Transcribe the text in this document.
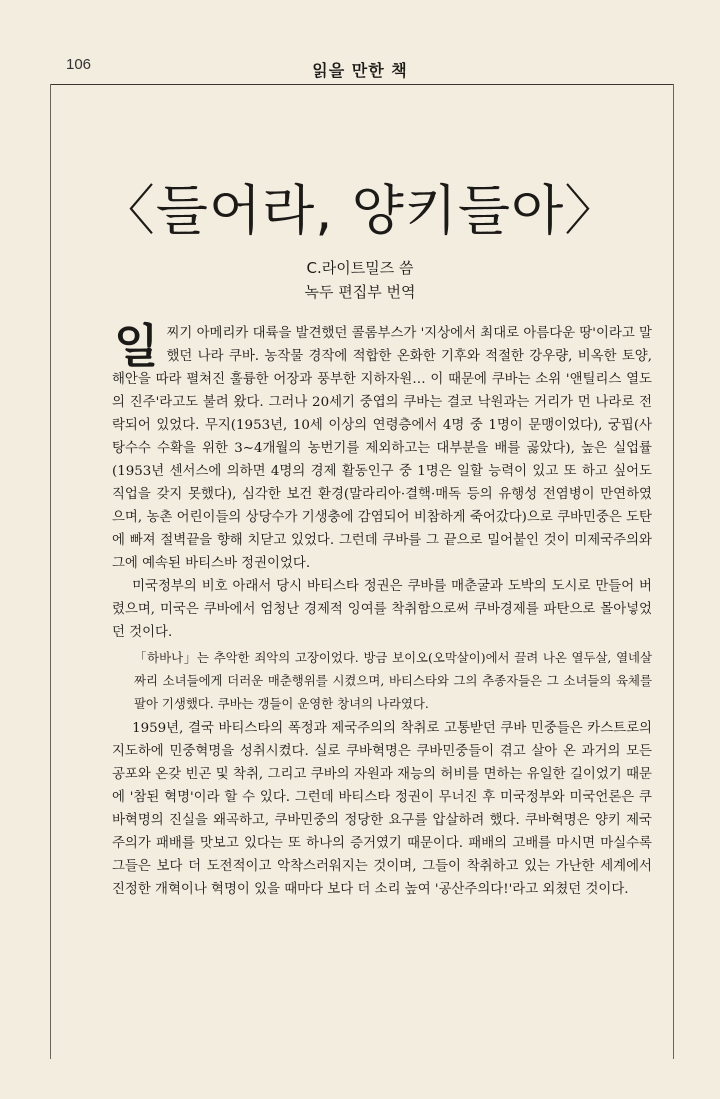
106	읽을 만한 책
〈들어라, 양키들아〉
C.라이트밀즈 씀
녹두 편집부 번역

일찌기 아메리카 대륙을 발견했던 콜롬부스가 '지상에서 최대로 아름다운 땅'이라고 말했던 나라 쿠바. 농작물 경작에 적합한 온화한 기후와 적절한 강우량, 비옥한 토양, 해안을 따라 펼쳐진 훌륭한 어장과 풍부한 지하자원… 이 때문에 쿠바는 소위 '앤틸리스 열도의 진주'라고도 불려 왔다. 그러나 20세기 중엽의 쿠바는 결코 낙원과는 거리가 먼 나라로 전락되어 있었다. 무지(1953년, 10세 이상의 연령층에서 4명 중 1명이 문맹이었다), 궁핍(사탕수수 수확을 위한 3∼4개월의 농번기를 제외하고는 대부분을 배를 곯았다), 높은 실업률(1953년 센서스에 의하면 4명의 경제 활동인구 중 1명은 일할 능력이 있고 또 하고 싶어도 직업을 갖지 못했다), 심각한 보건 환경(말라리아·결핵·매독 등의 유행성 전염병이 만연하였으며, 농촌 어린이들의 상당수가 기생충에 감염되어 비참하게 죽어갔다)으로 쿠바민중은 도탄에 빠져 절벽끝을 향해 치닫고 있었다. 그런데 쿠바를 그 끝으로 밀어붙인 것이 미제국주의와 그에 예속된 바티스바 정권이었다.

미국정부의 비호 아래서 당시 바티스타 정권은 쿠바를 매춘굴과 도박의 도시로 만들어 버렸으며, 미국은 쿠바에서 엄청난 경제적 잉여를 착취함으로써 쿠바경제를 파탄으로 몰아넣었던 것이다.

「하바나」는 추악한 죄악의 고장이었다. 방금 보이오(오막살이)에서 끌려 나온 열두살, 열네살짜리 소녀들에게 더러운 매춘행위를 시켰으며, 바티스타와 그의 추종자들은 그 소녀들의 육체를 팔아 기생했다. 쿠바는 갱들이 운영한 창녀의 나라였다.

1959년, 결국 바티스타의 폭정과 제국주의의 착취로 고통받던 쿠바 민중들은 카스트로의 지도하에 민중혁명을 성취시켰다. 실로 쿠바혁명은 쿠바민중들이 겪고 살아 온 과거의 모든 공포와 온갖 빈곤 및 착취, 그리고 쿠바의 자원과 재능의 허비를 면하는 유일한 길이었기 때문에 '참된 혁명'이라 할 수 있다. 그런데 바티스타 정권이 무너진 후 미국정부와 미국언론은 쿠바혁명의 진실을 왜곡하고, 쿠바민중의 정당한 요구를 압살하려 했다. 쿠바혁명은 양키 제국주의가 패배를 맛보고 있다는 또 하나의 증거였기 때문이다. 패배의 고배를 마시면 마실수록 그들은 보다 더 도전적이고 악착스러워지는 것이며, 그들이 착취하고 있는 가난한 세계에서 진정한 개혁이나 혁명이 있을 때마다 보다 더 소리 높여 '공산주의다!'라고 외쳤던 것이다.
